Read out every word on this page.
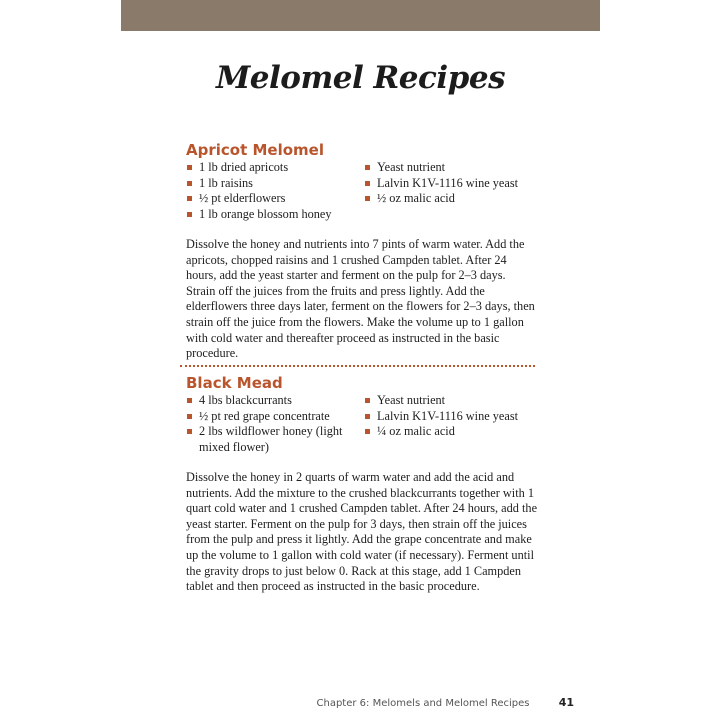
Melomel Recipes
Apricot Melomel
1 lb dried apricots
1 lb raisins
½ pt elderflowers
1 lb orange blossom honey
Yeast nutrient
Lalvin K1V-1116 wine yeast
½ oz malic acid

Dissolve the honey and nutrients into 7 pints of warm water. Add the apricots, chopped raisins and 1 crushed Campden tablet. After 24 hours, add the yeast starter and ferment on the pulp for 2–3 days. Strain off the juices from the fruits and press lightly. Add the elderflowers three days later, ferment on the flowers for 2–3 days, then strain off the juice from the flowers. Make the volume up to 1 gallon with cold water and thereafter proceed as instructed in the basic procedure.

Black Mead
4 lbs blackcurrants
½ pt red grape concentrate
2 lbs wildflower honey (light mixed flower)
Yeast nutrient
Lalvin K1V-1116 wine yeast
¼ oz malic acid

Dissolve the honey in 2 quarts of warm water and add the acid and nutrients. Add the mixture to the crushed blackcurrants together with 1 quart cold water and 1 crushed Campden tablet. After 24 hours, add the yeast starter. Ferment on the pulp for 3 days, then strain off the juices from the pulp and press it lightly. Add the grape concentrate and make up the volume to 1 gallon with cold water (if necessary). Ferment until the gravity drops to just below 0. Rack at this stage, add 1 Campden tablet and then proceed as instructed in the basic procedure.

Chapter 6: Melomels and Melomel Recipes	41
